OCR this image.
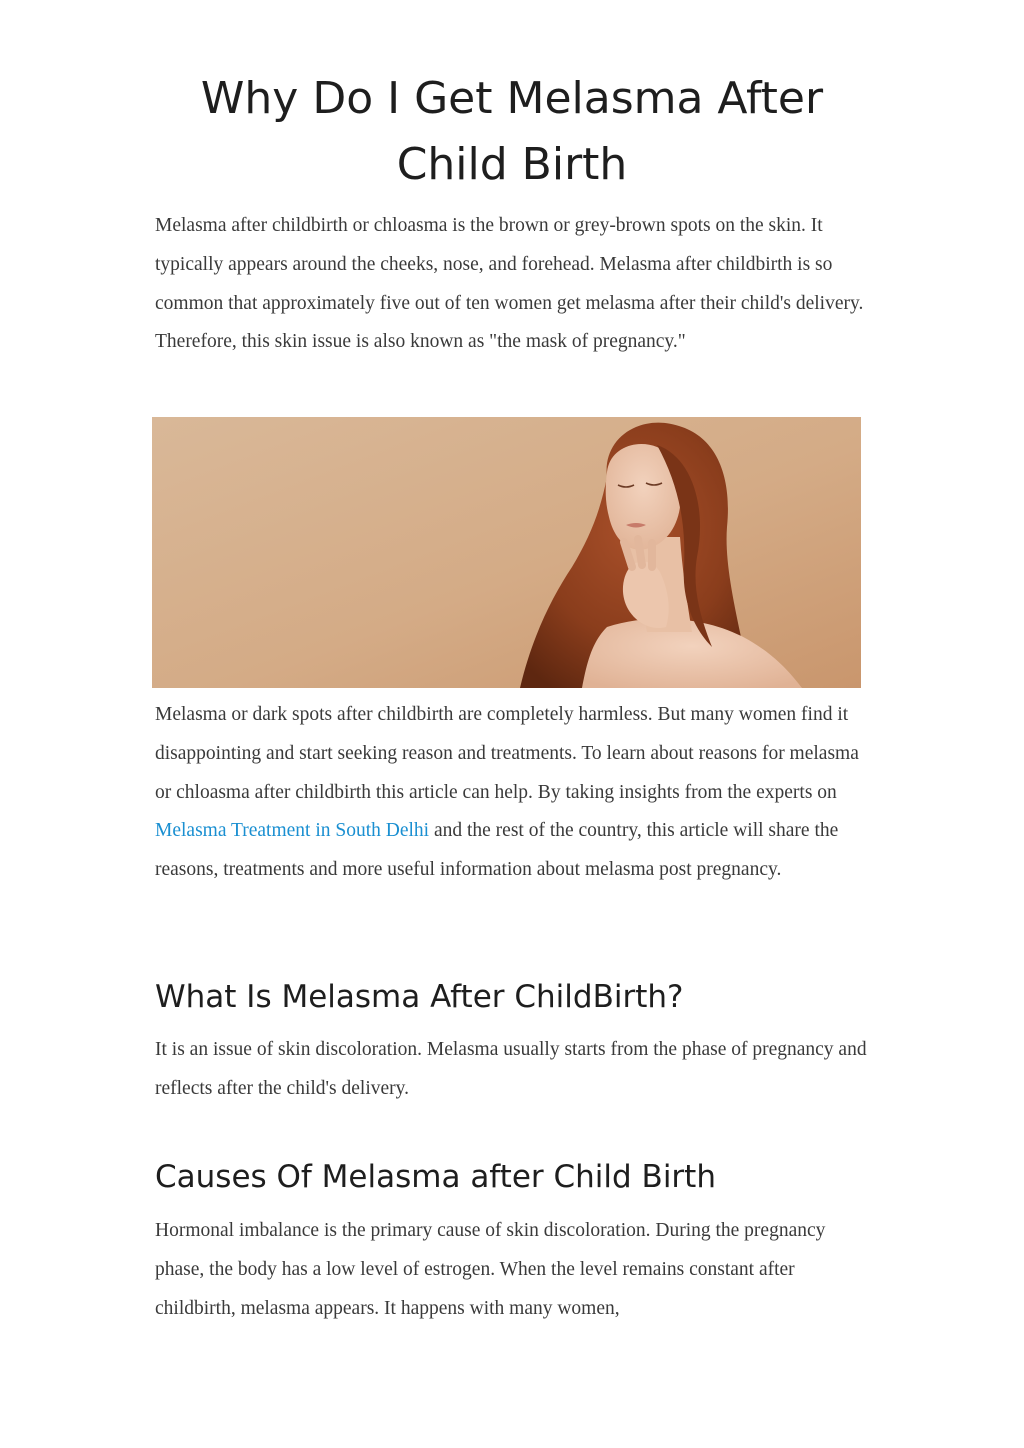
Why Do I Get Melasma After Child Birth

Melasma after childbirth or chloasma is the brown or grey-brown spots on the skin. It typically appears around the cheeks, nose, and forehead. Melasma after childbirth is so common that approximately five out of ten women get melasma after their child's delivery. Therefore, this skin issue is also known as "the mask of pregnancy."

Melasma or dark spots after childbirth are completely harmless. But many women find it disappointing and start seeking reason and treatments. To learn about reasons for melasma or chloasma after childbirth this article can help. By taking insights from the experts on Melasma Treatment in South Delhi and the rest of the country, this article will share the reasons, treatments and more useful information about melasma post pregnancy.

What Is Melasma After ChildBirth?

It is an issue of skin discoloration. Melasma usually starts from the phase of pregnancy and reflects after the child's delivery.

Causes Of Melasma after Child Birth

Hormonal imbalance is the primary cause of skin discoloration. During the pregnancy phase, the body has a low level of estrogen. When the level remains constant after childbirth, melasma appears. It happens with many women,
